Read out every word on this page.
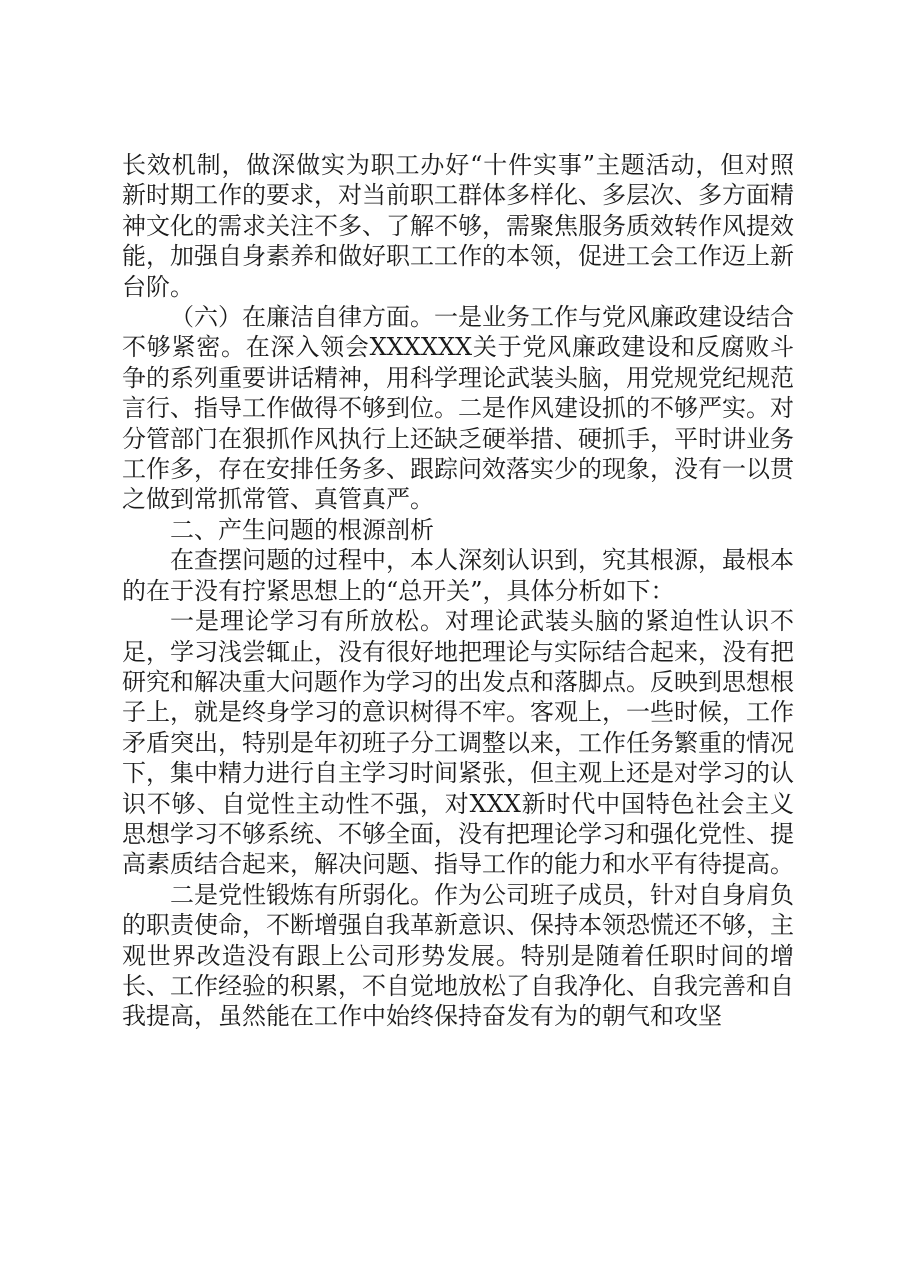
长效机制，做深做实为职工办好“十件实事”主题活动，但对照新时期工作的要求，对当前职工群体多样化、多层次、多方面精神文化的需求关注不多、了解不够，需聚焦服务质效转作风提效能，加强自身素养和做好职工工作的本领，促进工会工作迈上新台阶。

（六）在廉洁自律方面。一是业务工作与党风廉政建设结合不够紧密。在深入领会XXXXXX关于党风廉政建设和反腐败斗争的系列重要讲话精神，用科学理论武装头脑，用党规党纪规范言行、指导工作做得不够到位。二是作风建设抓的不够严实。对分管部门在狠抓作风执行上还缺乏硬举措、硬抓手，平时讲业务工作多，存在安排任务多、跟踪问效落实少的现象，没有一以贯之做到常抓常管、真管真严。

二、产生问题的根源剖析

在查摆问题的过程中，本人深刻认识到，究其根源，最根本的在于没有拧紧思想上的“总开关”，具体分析如下：

一是理论学习有所放松。对理论武装头脑的紧迫性认识不足，学习浅尝辄止，没有很好地把理论与实际结合起来，没有把研究和解决重大问题作为学习的出发点和落脚点。反映到思想根子上，就是终身学习的意识树得不牢。客观上，一些时候，工作矛盾突出，特别是年初班子分工调整以来，工作任务繁重的情况下，集中精力进行自主学习时间紧张，但主观上还是对学习的认识不够、自觉性主动性不强，对XXX新时代中国特色社会主义思想学习不够系统、不够全面，没有把理论学习和强化党性、提高素质结合起来，解决问题、指导工作的能力和水平有待提高。

二是党性锻炼有所弱化。作为公司班子成员，针对自身肩负的职责使命，不断增强自我革新意识、保持本领恐慌还不够，主观世界改造没有跟上公司形势发展。特别是随着任职时间的增长、工作经验的积累，不自觉地放松了自我净化、自我完善和自我提高，虽然能在工作中始终保持奋发有为的朝气和攻坚
